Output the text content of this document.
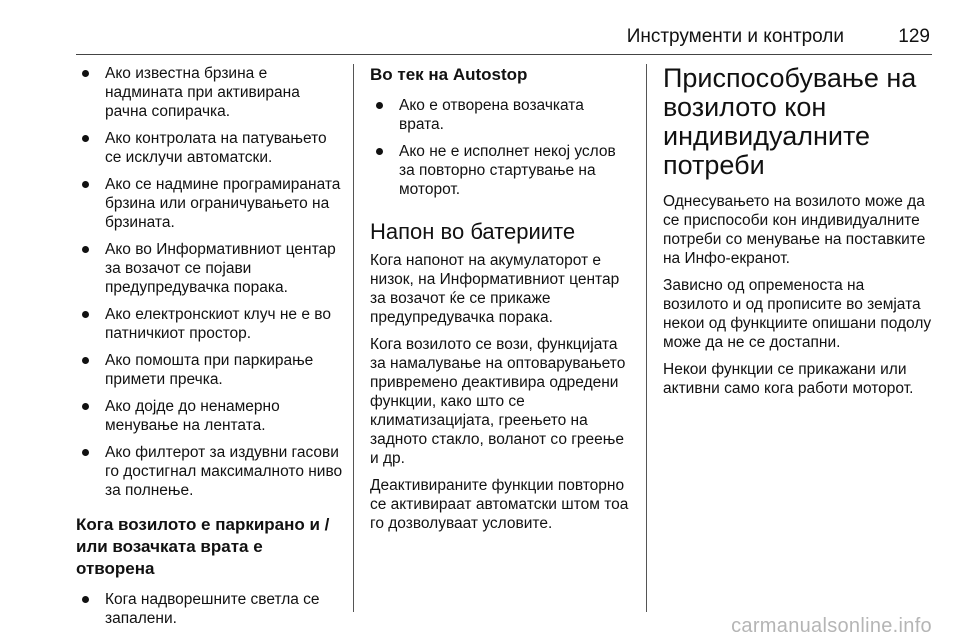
Инструменти и контроли	129
Ако известна брзина е надмината при активирана рачна сопирачка.
Ако контролата на патувањето се исклучи автоматски.
Ако се надмине програмираната брзина или ограничувањето на брзината.
Ако во Информативниот центар за возачот се појави предупредувачка порака.
Ако електронскиот клуч не е во патничкиот простор.
Ако помошта при паркирање примети пречка.
Ако дојде до ненамерно менување на лентата.
Ако филтерот за издувни гасови го достигнал максималното ниво за полнење.
Кога возилото е паркирано и / или возачката врата е отворена
Кога надворешните светла се запалени.
Во тек на Autostop
Ако е отворена возачката врата.
Ако не е исполнет некој услов за повторно стартување на моторот.
Напон во батериите

Кога напонот на акумулаторот е низок, на Информативниот центар за возачот ќе се прикаже предупредувачка порака.

Кога возилото се вози, функцијата за намалување на оптоварувањето привремено деактивира одредени функции, како што се климатизацијата, греењето на задното стакло, воланот со греење и др.

Деактивираните функции повторно се активираат автоматски штом тоа го дозволуваат условите.

Приспособување на возилото кон индивидуалните потреби

Однесувањето на возилото може да се приспособи кон индивидуалните потреби со менување на поставките на Инфо-екранот.

Зависно од опременоста на возилото и од прописите во земјата некои од функциите опишани подолу може да не се достапни.

Некои функции се прикажани или активни само кога работи моторот.

carmanualsonline.info
